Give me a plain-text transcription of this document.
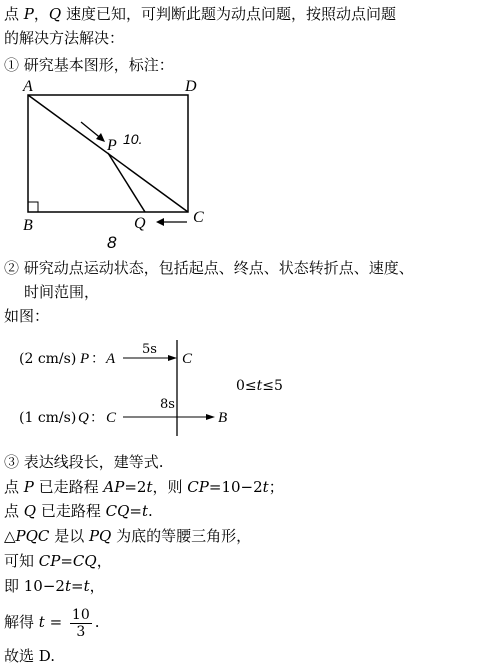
点 P，Q 速度已知，可判断此题为动点问题，按照动点问题
的解决方法解决：
① 研究基本图形，标注：
A	D
B	C
P
Q
10.
8
② 研究动点运动状态，包括起点、终点、状态转折点、速度、
时间范围，
如图：
(2 cm/s) P ： A
5s
C
(1 cm/s) Q ： C
8s
B
0≤t≤5
③ 表达线段长，建等式.
点 P 已走路程 AP=2t，则 CP=10−2t；
点 Q 已走路程 CQ=t.
△PQC 是以 PQ 为底的等腰三角形，
可知 CP=CQ，
即 10−2t=t，
解得 $t = \frac{10}{3}$ .
故选 D.
